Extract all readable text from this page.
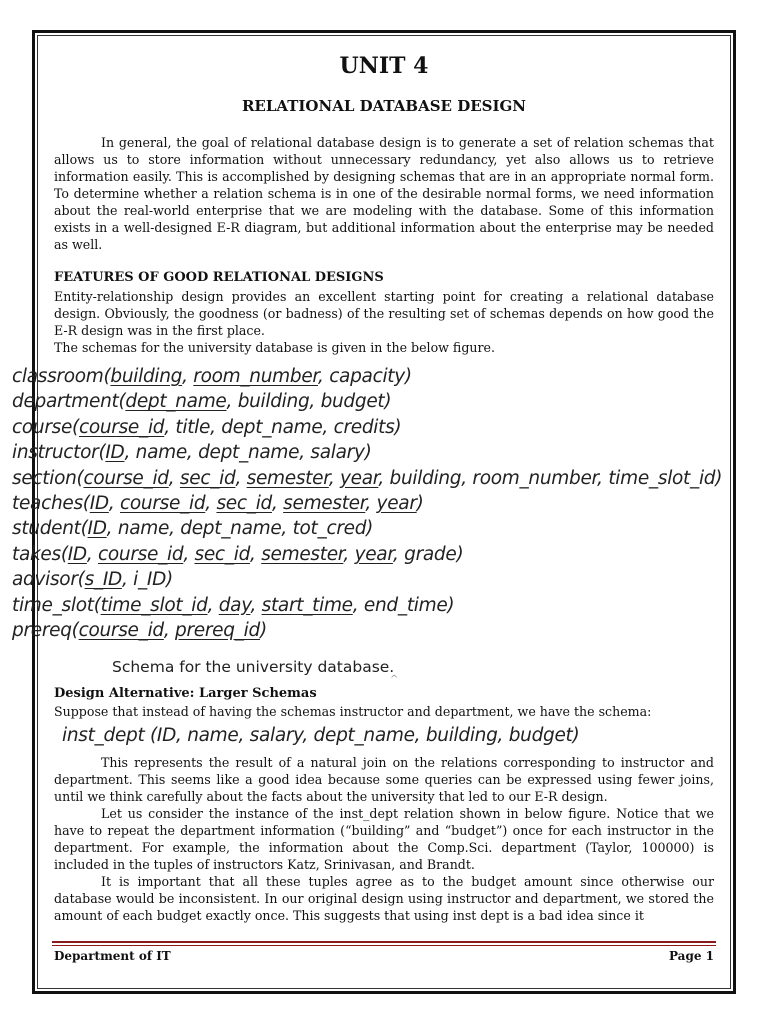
UNIT 4
RELATIONAL DATABASE DESIGN

In general, the goal of relational database design is to generate a set of relation schemas that allows us to store information without unnecessary redundancy, yet also allows us to retrieve information easily. This is accomplished by designing schemas that are in an appropriate normal form. To determine whether a relation schema is in one of the desirable normal forms, we need information about the real-world enterprise that we are modeling with the database. Some of this information exists in a well-designed E-R diagram, but additional information about the enterprise may be needed as well.

FEATURES OF GOOD RELATIONAL DESIGNS

Entity-relationship design provides an excellent starting point for creating a relational database design. Obviously, the goodness (or badness) of the resulting set of schemas depends on how good the E-R design was in the first place.

The schemas for the university database is given in the below figure.

classroom(building, room_number, capacity)
department(dept_name, building, budget)
course(course_id, title, dept_name, credits)
instructor(ID, name, dept_name, salary)
section(course_id, sec_id, semester, year, building, room_number, time_slot_id)
teaches(ID, course_id, sec_id, semester, year)
student(ID, name, dept_name, tot_cred)
takes(ID, course_id, sec_id, semester, year, grade)
advisor(s_ID, i_ID)
time_slot(time_slot_id, day, start_time, end_time)
prereq(course_id, prereq_id)
Schema for the university database.
^
Design Alternative: Larger Schemas

Suppose that instead of having the schemas instructor and department, we have the schema:

inst_dept (ID, name, salary, dept_name, building, budget)

This represents the result of a natural join on the relations corresponding to instructor and department. This seems like a good idea because some queries can be expressed using fewer joins, until we think carefully about the facts about the university that led to our E-R design.

Let us consider the instance of the inst_dept relation shown in below figure. Notice that we have to repeat the department information (“building” and “budget”) once for each instructor in the department. For example, the information about the Comp.Sci. department (Taylor, 100000) is included in the tuples of instructors Katz, Srinivasan, and Brandt.

It is important that all these tuples agree as to the budget amount since otherwise our database would be inconsistent. In our original design using instructor and department, we stored the amount of each budget exactly once. This suggests that using inst dept is a bad idea since it

Department of IT	Page 1
